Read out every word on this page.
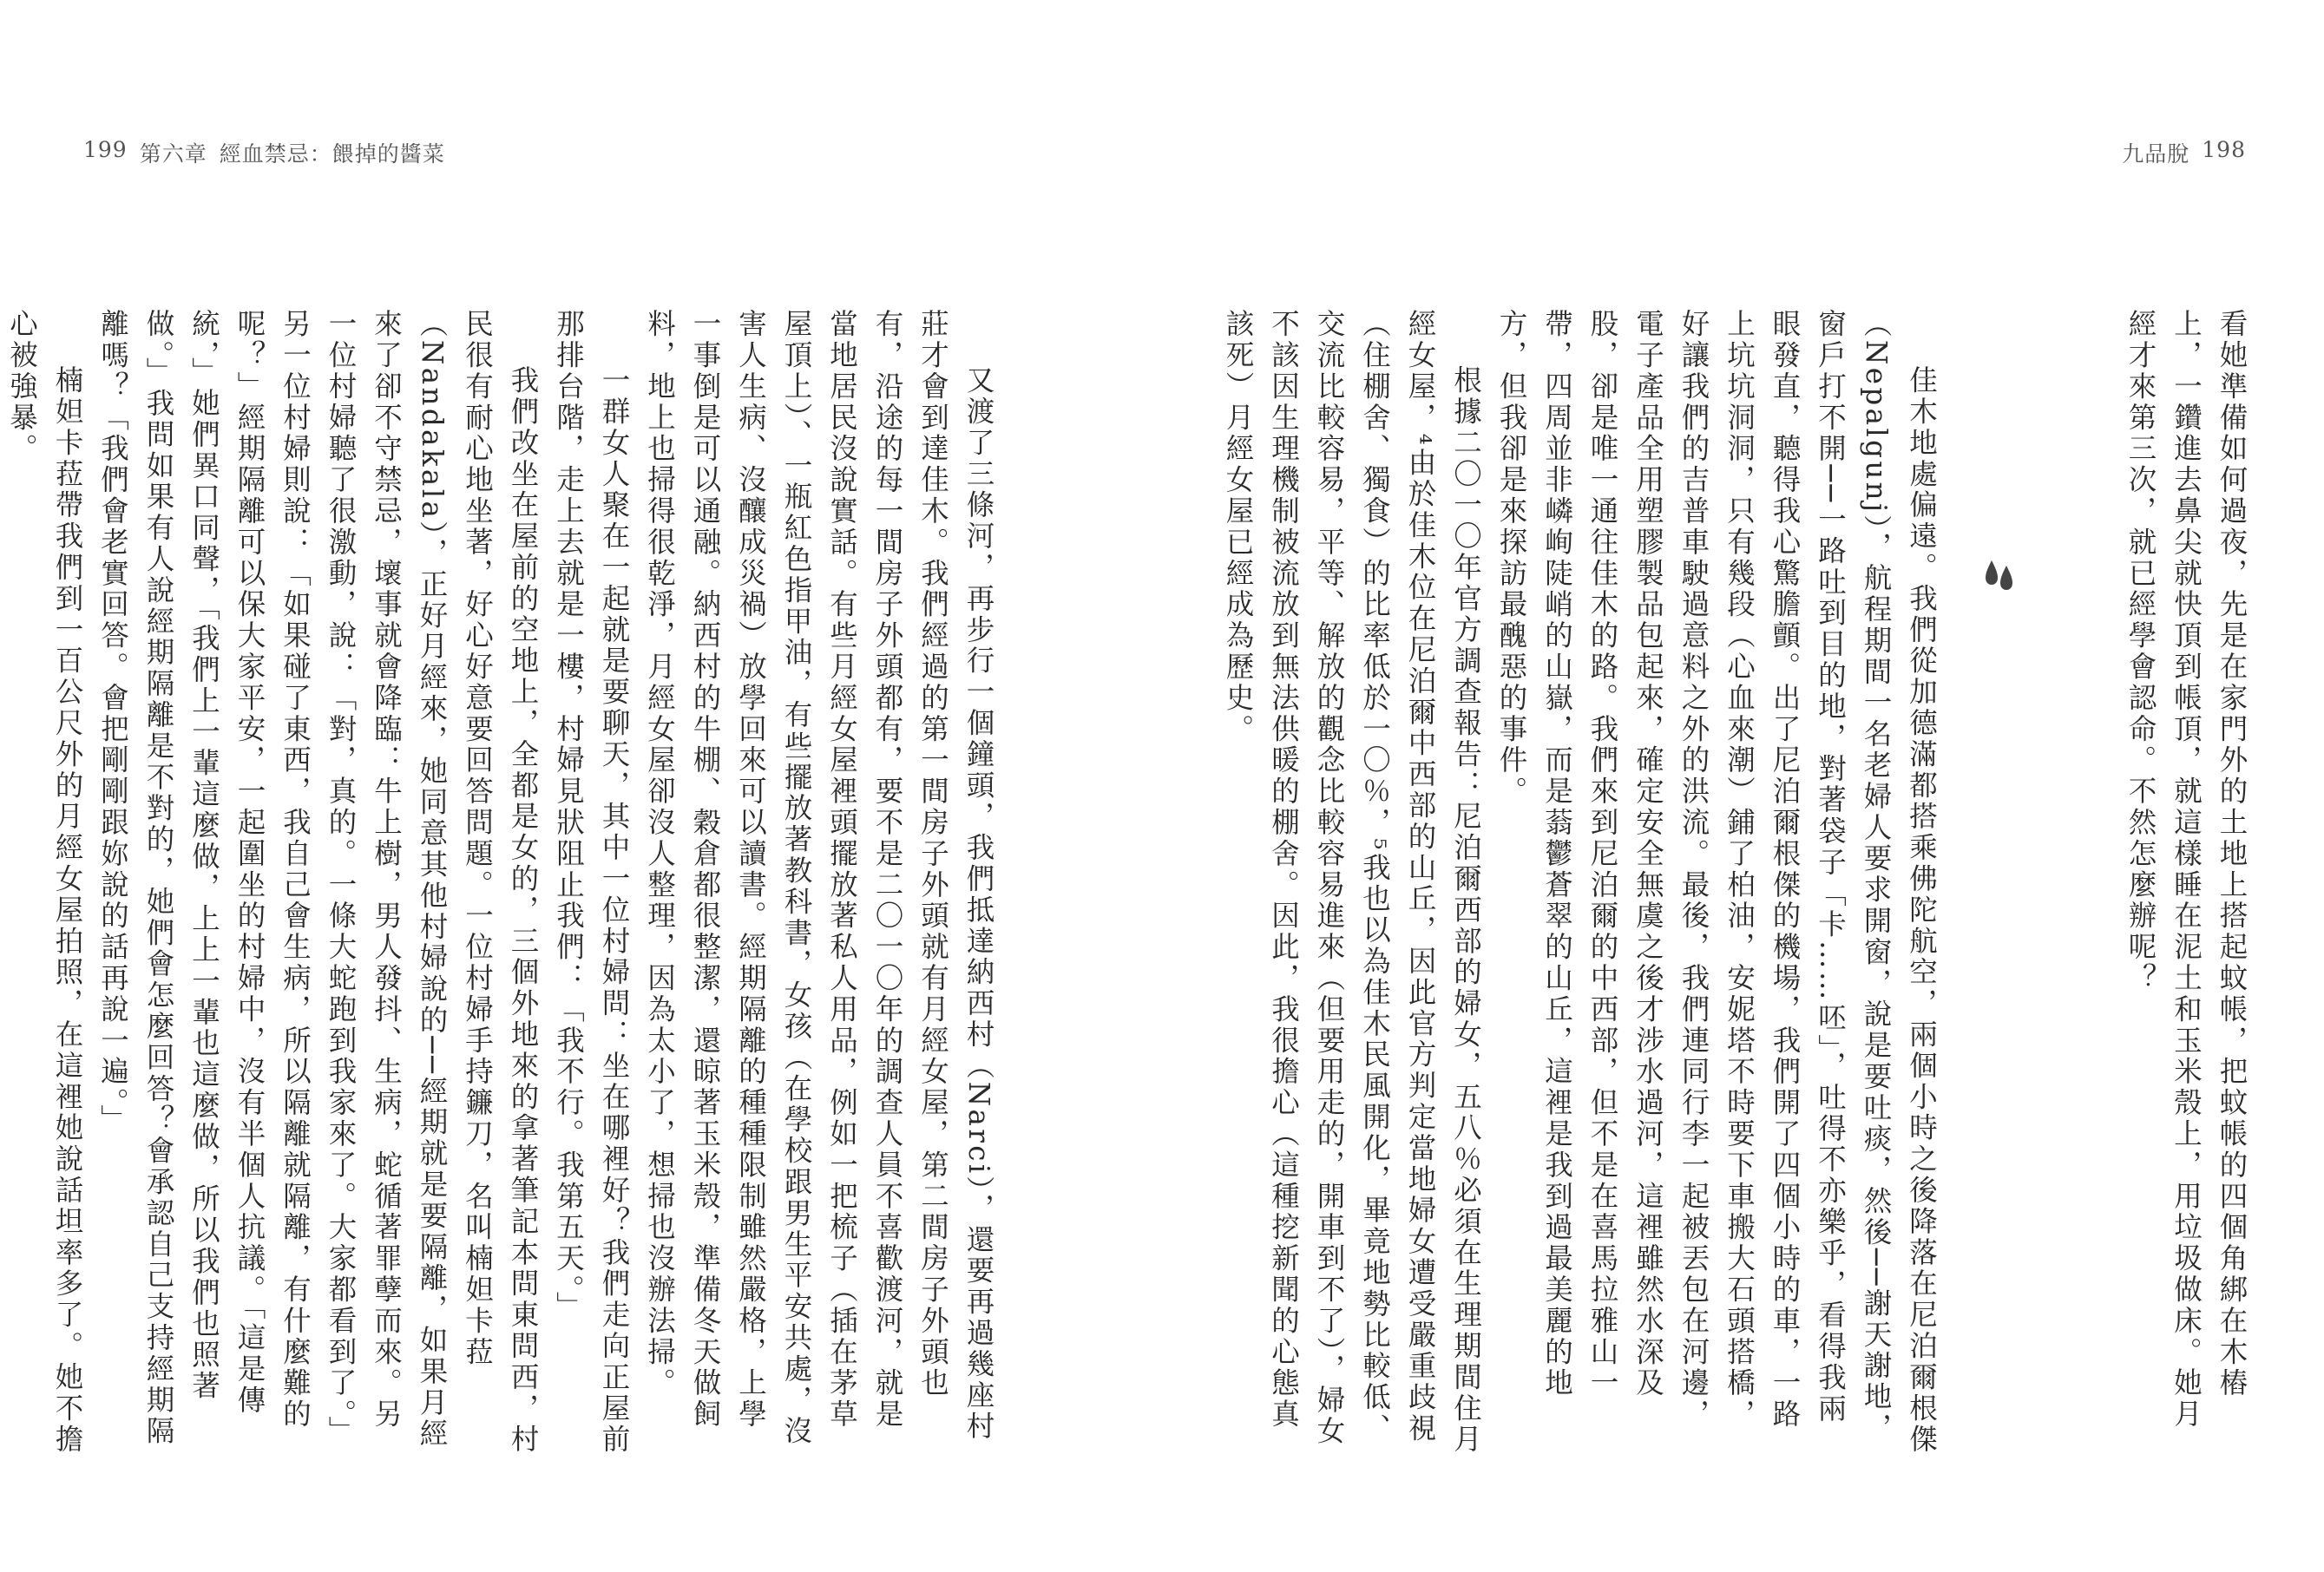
199 第六章 經血禁忌：餵掉的醬菜	九品脫 198

看她準備如何過夜，先是在家門外的土地上搭起蚊帳，把蚊帳的四個角綁在木樁上，一鑽進去鼻尖就快頂到帳頂，就這樣睡在泥土和玉米殼上，用垃圾做床。她月經才來第三次，就已經學會認命。不然怎麼辦呢？

佳木地處偏遠。我們從加德滿都搭乘佛陀航空，兩個小時之後降落在尼泊爾根傑（Nepalgunj），航程期間一名老婦人要求開窗，說是要吐痰，然後──謝天謝地，窗戶打不開──一路吐到目的地，對著袋子「卡……呸」，吐得不亦樂乎，看得我兩眼發直，聽得我心驚膽顫。出了尼泊爾根傑的機場，我們開了四個小時的車，一路上坑坑洞洞，只有幾段（心血來潮）鋪了柏油，安妮塔不時要下車搬大石頭搭橋，好讓我們的吉普車駛過意料之外的洪流。最後，我們連同行李一起被丟包在河邊，電子產品全用塑膠製品包起來，確定安全無虞之後才涉水過河，這裡雖然水深及股，卻是唯一通往佳木的路。我們來到尼泊爾的中西部，但不是在喜馬拉雅山一帶，四周並非嶙峋陡峭的山嶽，而是蓊鬱蒼翠的山丘，這裡是我到過最美麗的地方，但我卻是來探訪最醜惡的事件。

根據二〇一〇年官方調查報告：尼泊爾西部的婦女，五八％必須在生理期間住月經女屋，⁴由於佳木位在尼泊爾中西部的山丘，因此官方判定當地婦女遭受嚴重歧視（住棚舍、獨食）的比率低於一〇％，⁵我也以為佳木民風開化，畢竟地勢比較低、交流比較容易，平等、解放的觀念比較容易進來（但要用走的，開車到不了），婦女不該因生理機制被流放到無法供暖的棚舍。因此，我很擔心（這種挖新聞的心態真該死）月經女屋已經成為歷史。

又渡了三條河，再步行一個鐘頭，我們抵達納西村（Narci），還要再過幾座村莊才會到達佳木。我們經過的第一間房子外頭就有月經女屋，第二間房子外頭也有，沿途的每一間房子外頭都有，要不是二〇一〇年的調查人員不喜歡渡河，就是當地居民沒說實話。有些月經女屋裡頭擺放著私人用品，例如一把梳子（插在茅草屋頂上）、一瓶紅色指甲油，有些擺放著教科書，女孩（在學校跟男生平安共處，沒害人生病、沒釀成災禍）放學回來可以讀書。經期隔離的種種限制雖然嚴格，上學一事倒是可以通融。納西村的牛棚、穀倉都很整潔，還晾著玉米殼，準備冬天做飼料，地上也掃得很乾淨，月經女屋卻沒人整理，因為太小了，想掃也沒辦法掃。

一群女人聚在一起就是要聊天，其中一位村婦問：坐在哪裡好？我們走向正屋前那排台階，走上去就是一樓，村婦見狀阻止我們：「我不行。我第五天。」

我們改坐在屋前的空地上，全都是女的，三個外地來的拿著筆記本問東問西，村民很有耐心地坐著，好心好意要回答問題。一位村婦手持鐮刀，名叫楠妲卡菈（Nandakala），正好月經來，她同意其他村婦說的──經期就是要隔離，如果月經來了卻不守禁忌，壞事就會降臨：牛上樹，男人發抖、生病，蛇循著罪孽而來。另一位村婦聽了很激動，說：「對，真的。一條大蛇跑到我家來了。大家都看到了。」另一位村婦則說：「如果碰了東西，我自己會生病，所以隔離就隔離，有什麼難的呢？」經期隔離可以保大家平安，一起圍坐的村婦中，沒有半個人抗議。「這是傳統，」她們異口同聲，「我們上一輩這麼做，上上一輩也這麼做，所以我們也照著做。」我問如果有人說經期隔離是不對的，她們會怎麼回答？會承認自己支持經期隔離嗎？「我們會老實回答。會把剛剛跟妳說的話再說一遍。」

楠妲卡菈帶我們到一百公尺外的月經女屋拍照，在這裡她說話坦率多了。她不擔心被強暴。
